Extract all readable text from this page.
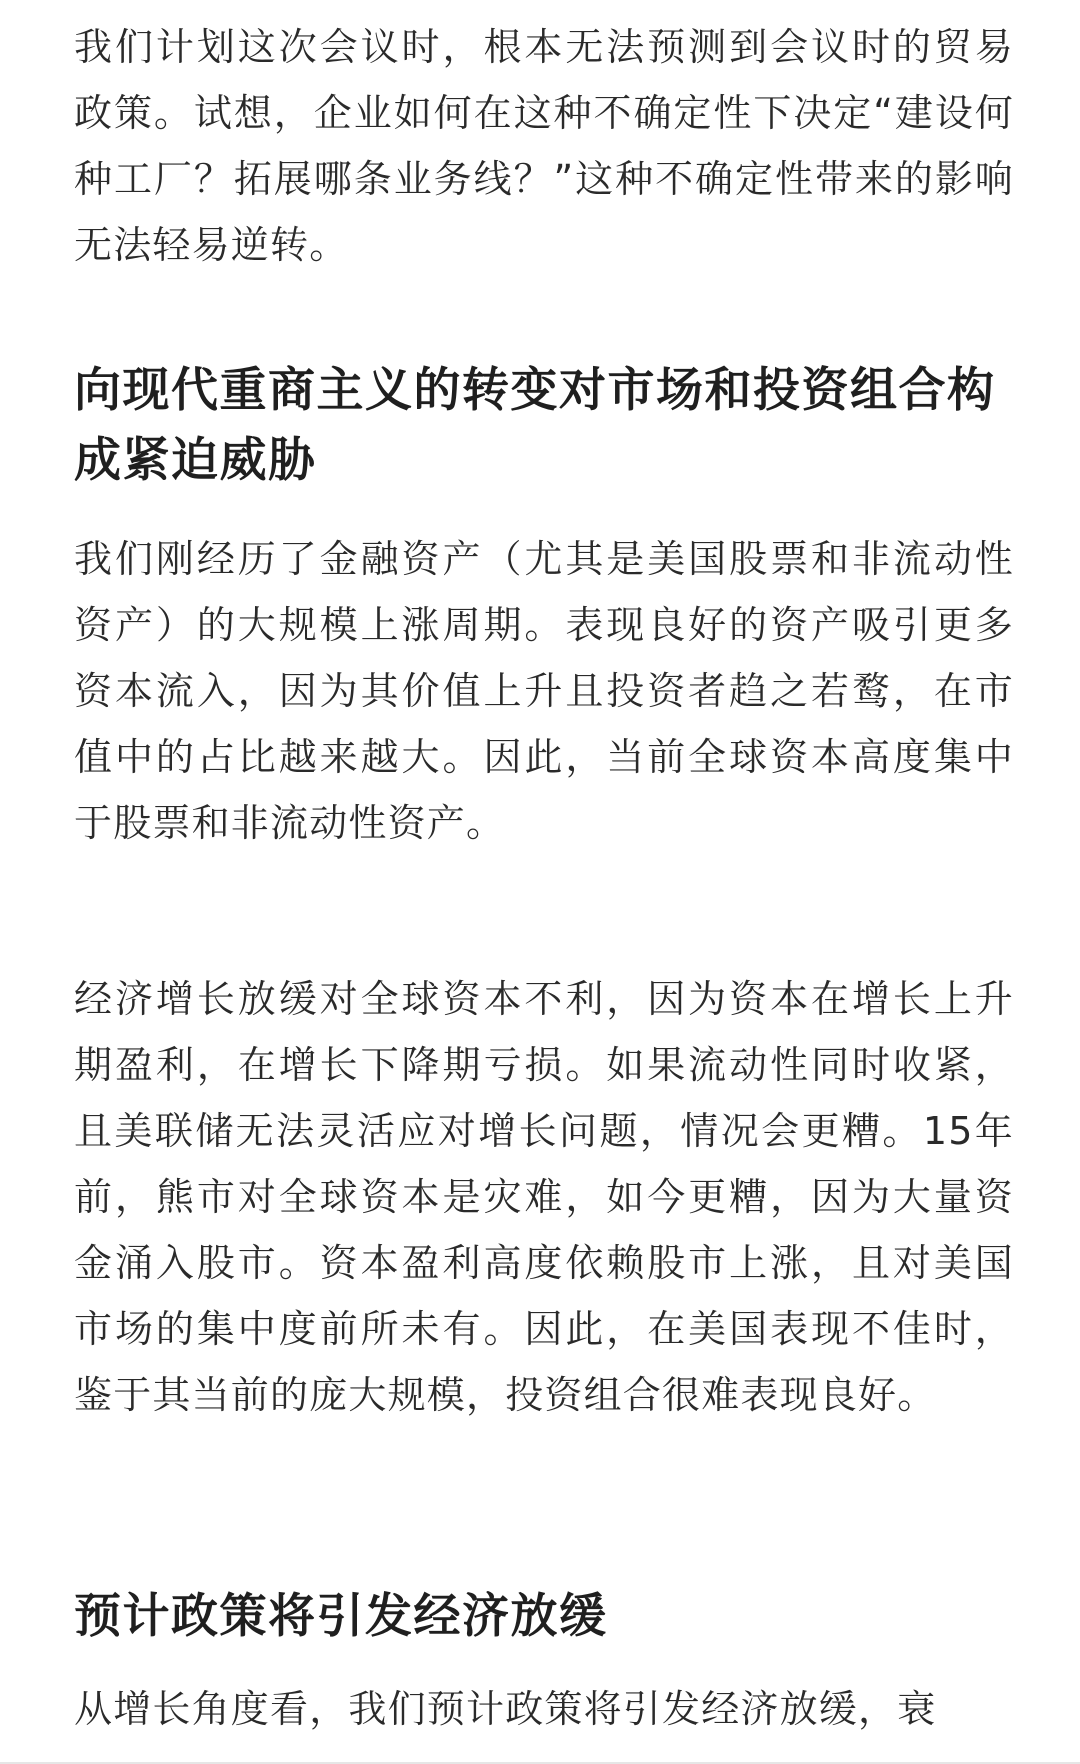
我们计划这次会议时，根本无法预测到会议时的贸易政策。试想，企业如何在这种不确定性下决定“建设何种工厂？拓展哪条业务线？”这种不确定性带来的影响无法轻易逆转。

向现代重商主义的转变对市场和投资组合构成紧迫威胁

我们刚经历了金融资产（尤其是美国股票和非流动性资产）的大规模上涨周期。表现良好的资产吸引更多资本流入，因为其价值上升且投资者趋之若鹜，在市值中的占比越来越大。因此，当前全球资本高度集中于股票和非流动性资产。

经济增长放缓对全球资本不利，因为资本在增长上升期盈利，在增长下降期亏损。如果流动性同时收紧，且美联储无法灵活应对增长问题，情况会更糟。15年前，熊市对全球资本是灾难，如今更糟，因为大量资金涌入股市。资本盈利高度依赖股市上涨，且对美国市场的集中度前所未有。因此，在美国表现不佳时，鉴于其当前的庞大规模，投资组合很难表现良好。

预计政策将引发经济放缓

从增长角度看，我们预计政策将引发经济放缓，衰
